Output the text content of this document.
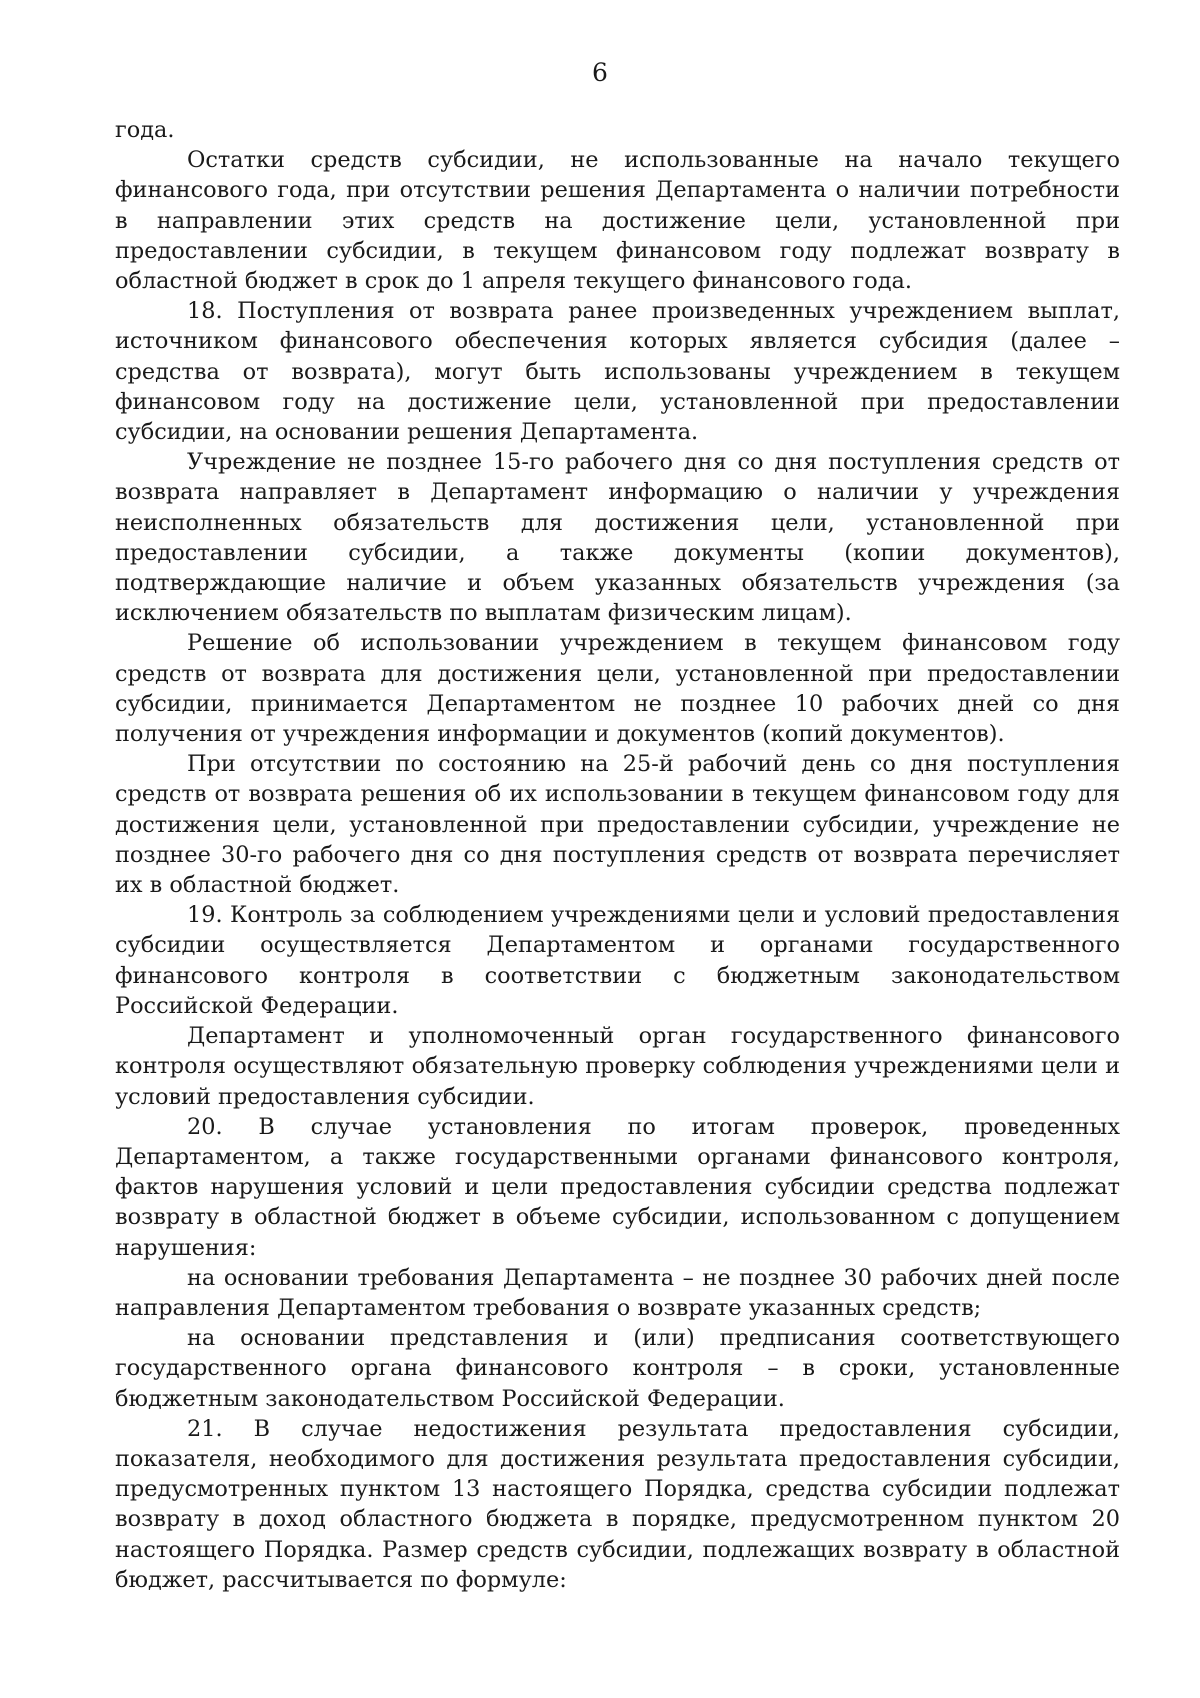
6

года.

Остатки средств субсидии, не использованные на начало текущего финансового года, при отсутствии решения Департамента о наличии потребности в направлении этих средств на достижение цели, установленной при предоставлении субсидии, в текущем финансовом году подлежат возврату в областной бюджет в срок до 1 апреля текущего финансового года.

18. Поступления от возврата ранее произведенных учреждением выплат, источником финансового обеспечения которых является субсидия (далее – средства от возврата), могут быть использованы учреждением в текущем финансовом году на достижение цели, установленной при предоставлении субсидии, на основании решения Департамента.

Учреждение не позднее 15-го рабочего дня со дня поступления средств от возврата направляет в Департамент информацию о наличии у учреждения неисполненных обязательств для достижения цели, установленной при предоставлении субсидии, а также документы (копии документов), подтверждающие наличие и объем указанных обязательств учреждения (за исключением обязательств по выплатам физическим лицам).

Решение об использовании учреждением в текущем финансовом году средств от возврата для достижения цели, установленной при предоставлении субсидии, принимается Департаментом не позднее 10 рабочих дней со дня получения от учреждения информации и документов (копий документов).

При отсутствии по состоянию на 25-й рабочий день со дня поступления средств от возврата решения об их использовании в текущем финансовом году для достижения цели, установленной при предоставлении субсидии, учреждение не позднее 30-го рабочего дня со дня поступления средств от возврата перечисляет их в областной бюджет.

19. Контроль за соблюдением учреждениями цели и условий предоставления субсидии осуществляется Департаментом и органами государственного финансового контроля в соответствии с бюджетным законодательством Российской Федерации.

Департамент и уполномоченный орган государственного финансового контроля осуществляют обязательную проверку соблюдения учреждениями цели и условий предоставления субсидии.

20. В случае установления по итогам проверок, проведенных Департаментом, а также государственными органами финансового контроля, фактов нарушения условий и цели предоставления субсидии средства подлежат возврату в областной бюджет в объеме субсидии, использованном с допущением нарушения:

на основании требования Департамента – не позднее 30 рабочих дней после направления Департаментом требования о возврате указанных средств;

на основании представления и (или) предписания соответствующего государственного органа финансового контроля – в сроки, установленные бюджетным законодательством Российской Федерации.

21. В случае недостижения результата предоставления субсидии, показателя, необходимого для достижения результата предоставления субсидии, предусмотренных пунктом 13 настоящего Порядка, средства субсидии подлежат возврату в доход областного бюджета в порядке, предусмотренном пунктом 20 настоящего Порядка. Размер средств субсидии, подлежащих возврату в областной бюджет, рассчитывается по формуле:
